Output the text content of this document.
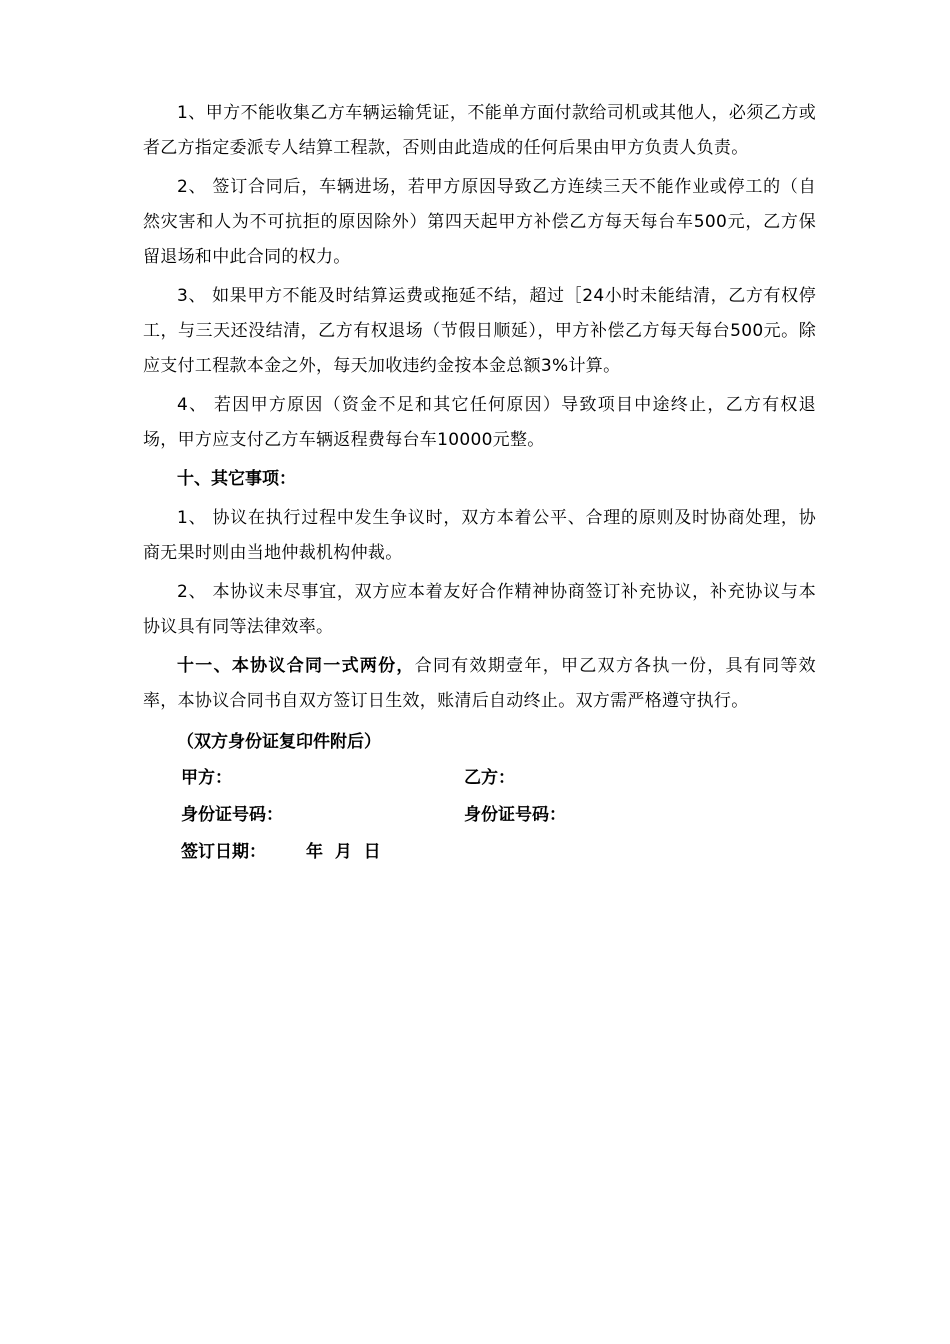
1、甲方不能收集乙方车辆运输凭证，不能单方面付款给司机或其他人，必须乙方或者乙方指定委派专人结算工程款，否则由此造成的任何后果由甲方负责人负责。

2、 签订合同后，车辆进场，若甲方原因导致乙方连续三天不能作业或停工的（自然灾害和人为不可抗拒的原因除外）第四天起甲方补偿乙方每天每台车500元，乙方保留退场和中此合同的权力。

3、 如果甲方不能及时结算运费或拖延不结，超过［24小时未能结清，乙方有权停工，与三天还没结清，乙方有权退场（节假日顺延），甲方补偿乙方每天每台500元。除应支付工程款本金之外，每天加收违约金按本金总额3%计算。

4、 若因甲方原因（资金不足和其它任何原因）导致项目中途终止，乙方有权退场，甲方应支付乙方车辆返程费每台车10000元整。

十、其它事项：

1、 协议在执行过程中发生争议时，双方本着公平、合理的原则及时协商处理，协商无果时则由当地仲裁机构仲裁。

2、 本协议未尽事宜，双方应本着友好合作精神协商签订补充协议，补充协议与本协议具有同等法律效率。

十一、本协议合同一式两份，合同有效期壹年，甲乙双方各执一份，具有同等效率，本协议合同书自双方签订日生效，账清后自动终止。双方需严格遵守执行。

（双方身份证复印件附后）

甲方：	乙方：
身份证号码：	身份证号码：
签订日期： 年  月  日
